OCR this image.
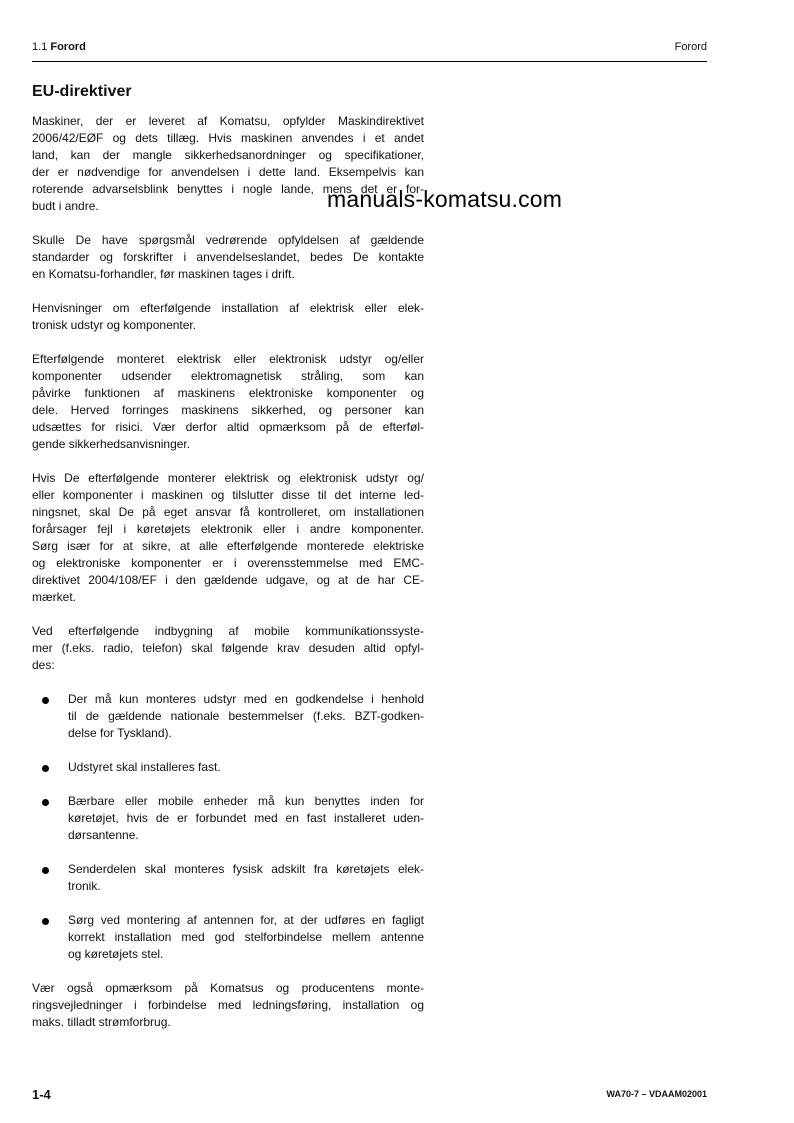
1.1 Forord	Forord
EU-direktiver

Maskiner, der er leveret af Komatsu, opfylder Maskindirektivet
2006/42/EØF og dets tillæg. Hvis maskinen anvendes i et andet
land, kan der mangle sikkerhedsanordninger og specifikationer,
der er nødvendige for anvendelsen i dette land. Eksempelvis kan
roterende advarselsblink benyttes i nogle lande, mens det er for-
budt i andre.

Skulle De have spørgsmål vedrørende opfyldelsen af gældende
standarder og forskrifter i anvendelseslandet, bedes De kontakte
en Komatsu-forhandler, før maskinen tages i drift.

Henvisninger om efterfølgende installation af elektrisk eller elek-
tronisk udstyr og komponenter.

Efterfølgende monteret elektrisk eller elektronisk udstyr og/eller
komponenter udsender elektromagnetisk stråling, som kan
påvirke funktionen af maskinens elektroniske komponenter og
dele. Herved forringes maskinens sikkerhed, og personer kan
udsættes for risici. Vær derfor altid opmærksom på de efterføl-
gende sikkerhedsanvisninger.

Hvis De efterfølgende monterer elektrisk og elektronisk udstyr og/
eller komponenter i maskinen og tilslutter disse til det interne led-
ningsnet, skal De på eget ansvar få kontrolleret, om installationen
forårsager fejl i køretøjets elektronik eller i andre komponenter.
Sørg især for at sikre, at alle efterfølgende monterede elektriske
og elektroniske komponenter er i overensstemmelse med EMC-
direktivet 2004/108/EF i den gældende udgave, og at de har CE-
mærket.

Ved efterfølgende indbygning af mobile kommunikationssyste-
mer (f.eks. radio, telefon) skal følgende krav desuden altid opfyl-
des:

Der må kun monteres udstyr med en godkendelse i henhold
til de gældende nationale bestemmelser (f.eks. BZT-godken-
delse for Tyskland).
Udstyret skal installeres fast.
Bærbare eller mobile enheder må kun benyttes inden for
køretøjet, hvis de er forbundet med en fast installeret uden-
dørsantenne.
Senderdelen skal monteres fysisk adskilt fra køretøjets elek-
tronik.
Sørg ved montering af antennen for, at der udføres en fagligt
korrekt installation med god stelforbindelse mellem antenne
og køretøjets stel.

Vær også opmærksom på Komatsus og producentens monte-
ringsvejledninger i forbindelse med ledningsføring, installation og
maks. tilladt strømforbrug.

manuals-komatsu.com
1-4	WA70-7 – VDAAM02001
